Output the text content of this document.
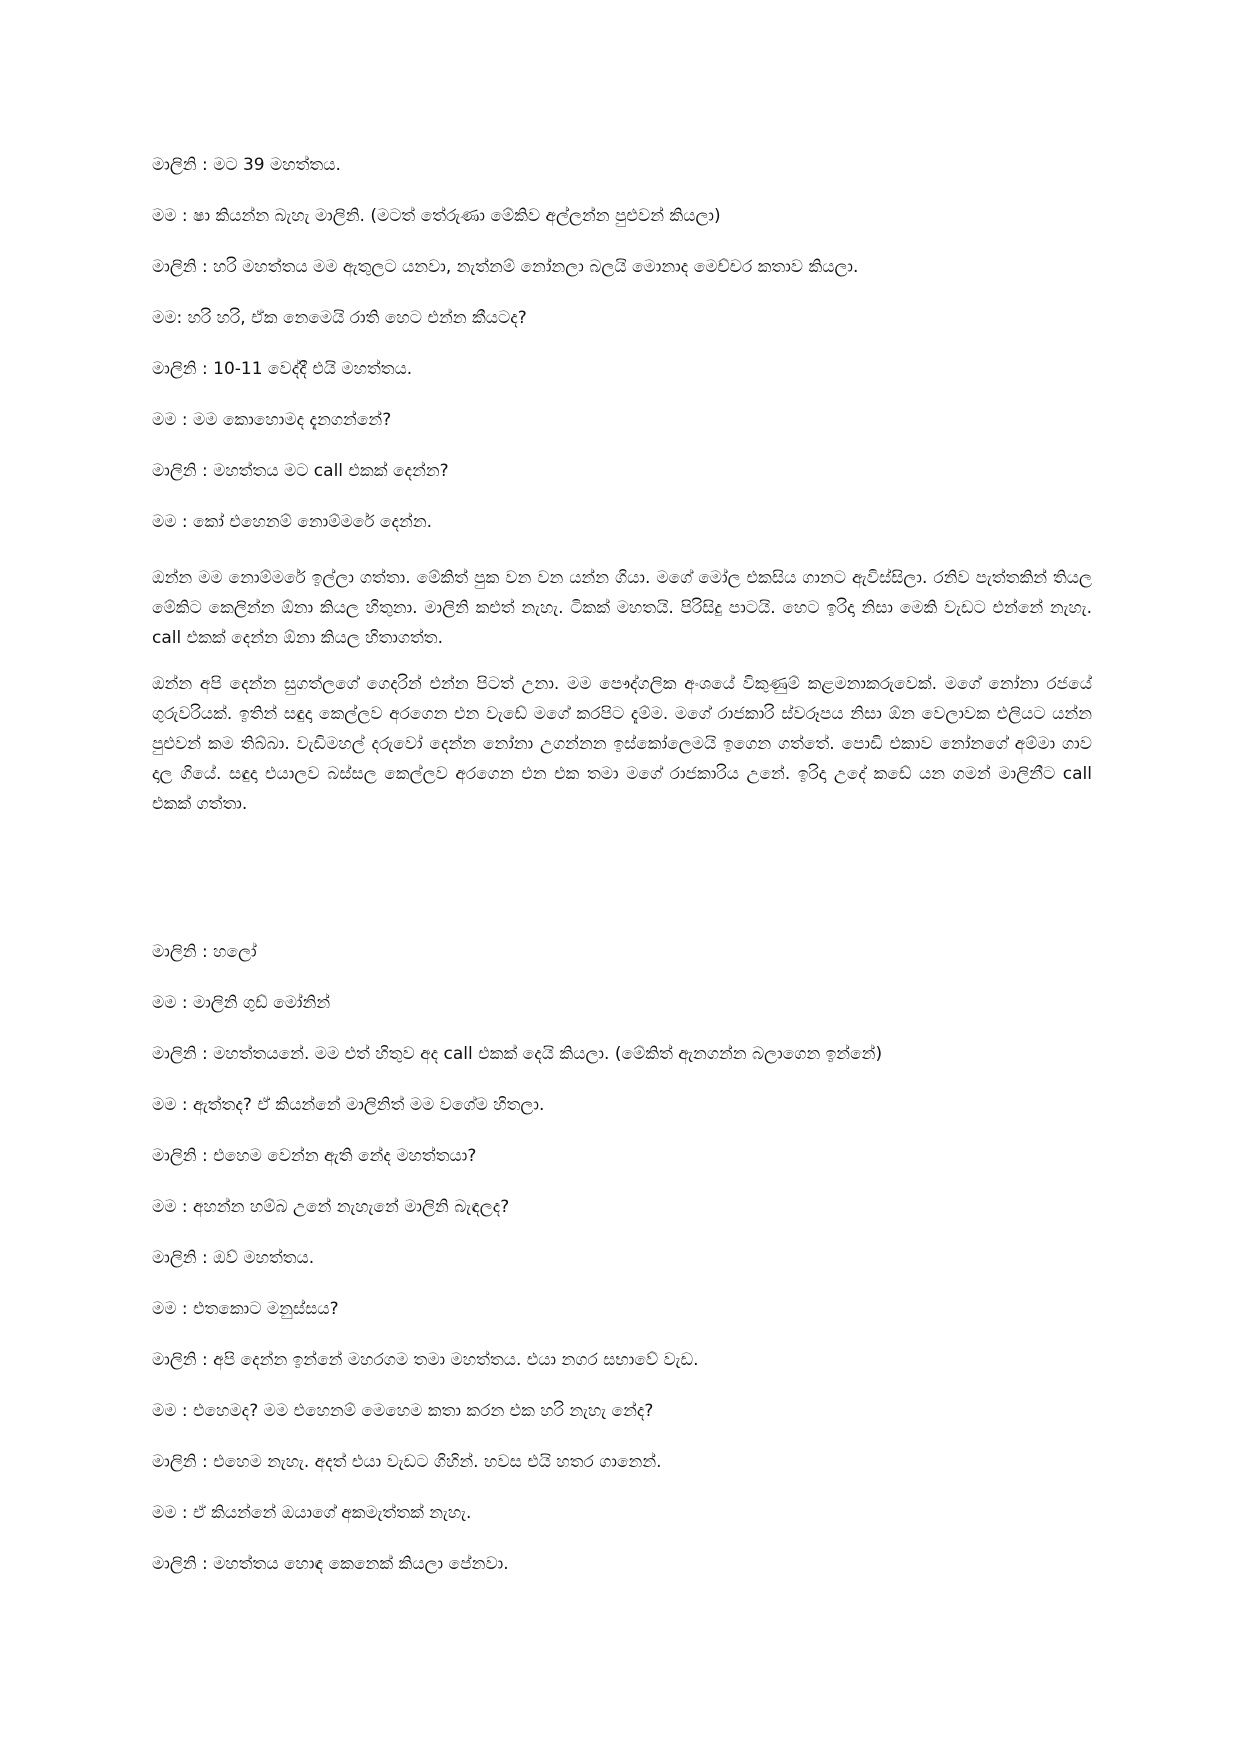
මාලිනි : මට 39 මහත්තය.
මම : ෂා කියන්න බැහැ මාලිනි. (මටත් තේරුණා මේකිව අල්ලන්න පුළුවන් කියලා)
මාලිනි : හරි මහත්තය මම ඇතුලට යනවා, නැත්නම් නෝනලා බලයි මොනාද මෙච්චර කතාව කියලා.
මම: හරි හරි, ඒක නෙමෙයි රාති හෙට එන්න කීයටද?
මාලිනි : 10-11 වෙද්දී එයි මහත්තය.
මම : මම කොහොමද දැනගන්නේ?
මාලිනි : මහත්තය මට call එකක් දෙන්න?
මම : කෝ එහෙනම් නොම්මරේ දෙන්න.
ඔන්න මම නොම්මරේ ඉල්ලා ගත්තා. මේකිත් පුක වන වන යන්න ගියා. මගේ මෝල එකසිය ගානට ඇවිස්සිලා. රනිව පැත්තකින් තියල මේකිට කෙලින්න ඕනා කියල හිතුනා. මාලිනි කළුත් නැහැ. ටිකක් මහතයි. පිරිසිදු පාටයි. හෙට ඉරිදා නිසා මෙකි වැඩට එන්නේ නැහැ. call එකක් දෙන්න ඕනා කියල හිතාගත්ත.
ඔන්න අපි දෙන්න සුගත්ලගේ ගෙදරින් එන්න පිටත් උනා. මම පෞද්ගලික අංශයේ විකුණුම් කළමනාකරුවෙක්. මගේ නෝනා රජයේ ගුරුවරියක්. ඉතින් සඳුදා කෙල්ලව අරගෙන එන වැඩේ මගේ කරපිට දැම්ම. මගේ රාජකාරි ස්වරූපය නිසා ඕන වෙලාවක එලියට යන්න පුළුවන් කම තිබ්බා. වැඩිමහල් දරුවෝ දෙන්න නෝනා උගන්නන ඉස්කෝලෙමයි ඉගෙන ගත්තේ. පොඩි එකාව නෝනගේ අම්මා ගාව දාල ගියේ. සඳුදා එයාලව බස්සල කෙල්ලව අරගෙන එන එක තමා මගේ රාජකාරිය උනේ. ඉරිදා උදේ කඩේ යන ගමන් මාලිනීට call එකක් ගත්තා.
මාලිනි : හලෝ
මම : මාලිනි ගුඩ් මෝනින්
මාලිනි : මහත්තයනේ. මම එත් හිතුව අද call එකක් දෙයි කියලා. (මේකිත් ඇනගන්න බලාගෙන ඉන්නේ)
මම : ඇත්තද? ඒ කියන්නේ මාලිනිත් මම වගේම හිතලා.
මාලිනි : එහෙම වෙන්න ඇති නේද මහත්තයා?
මම : අහන්න හම්බ උනේ නැහැනේ මාලිනි බැඳලද?
මාලිනි : ඔව් මහත්තය.
මම : එතකොට මනුස්සය?
මාලිනි : අපි දෙන්න ඉන්නේ මහරගම තමා මහත්තය. එයා නගර සභාවේ වැඩ.
මම : එහෙමද? මම එහෙනම් මෙහෙම කතා කරන එක හරි නැහැ නේද?
මාලිනි : එහෙම නැහැ. අදත් එයා වැඩට ගිහින්. හවස එයි හතර ගානෙන්.
මම : ඒ කියන්නේ ඔයාගේ අකමැත්තක් නැහැ.
මාලිනි : මහත්තය හොඳ කෙනෙක් කියලා පේනවා.
